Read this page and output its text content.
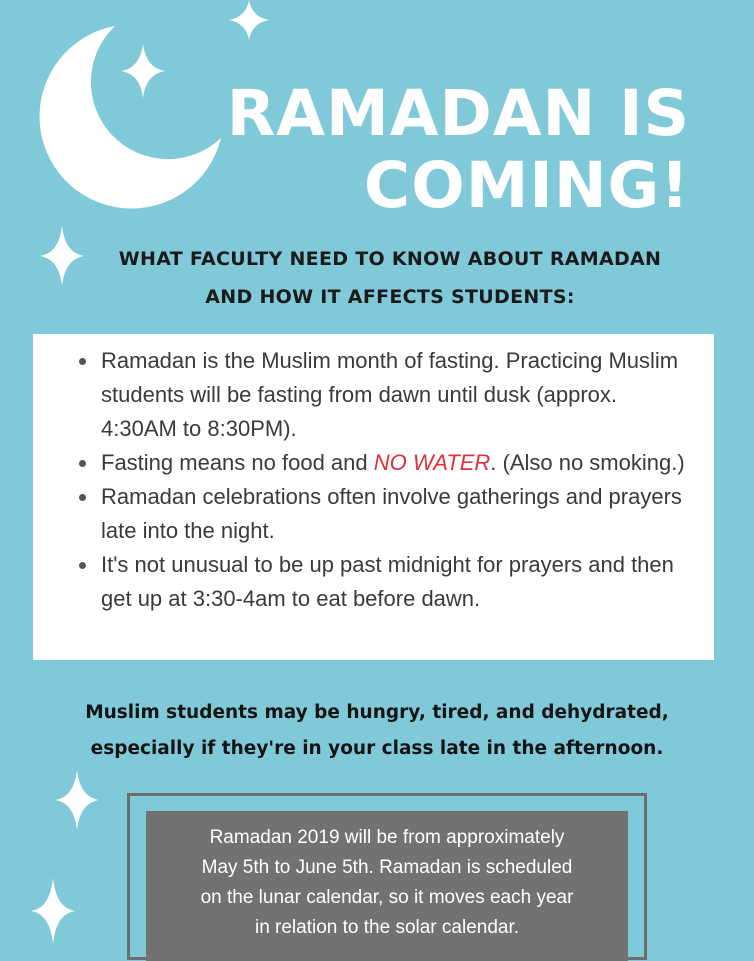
RAMADAN IS
COMING!
WHAT FACULTY NEED TO KNOW ABOUT RAMADAN
AND HOW IT AFFECTS STUDENTS:
• Ramadan is the Muslim month of fasting. Practicing Muslim students will be fasting from dawn until dusk (approx. 4:30AM to 8:30PM).
• Fasting means no food and NO WATER. (Also no smoking.)
• Ramadan celebrations often involve gatherings and prayers late into the night.
• It's not unusual to be up past midnight for prayers and then get up at 3:30-4am to eat before dawn.
Muslim students may be hungry, tired, and dehydrated,
especially if they're in your class late in the afternoon.
Ramadan 2019 will be from approximately
May 5th to June 5th. Ramadan is scheduled
on the lunar calendar, so it moves each year
in relation to the solar calendar.
